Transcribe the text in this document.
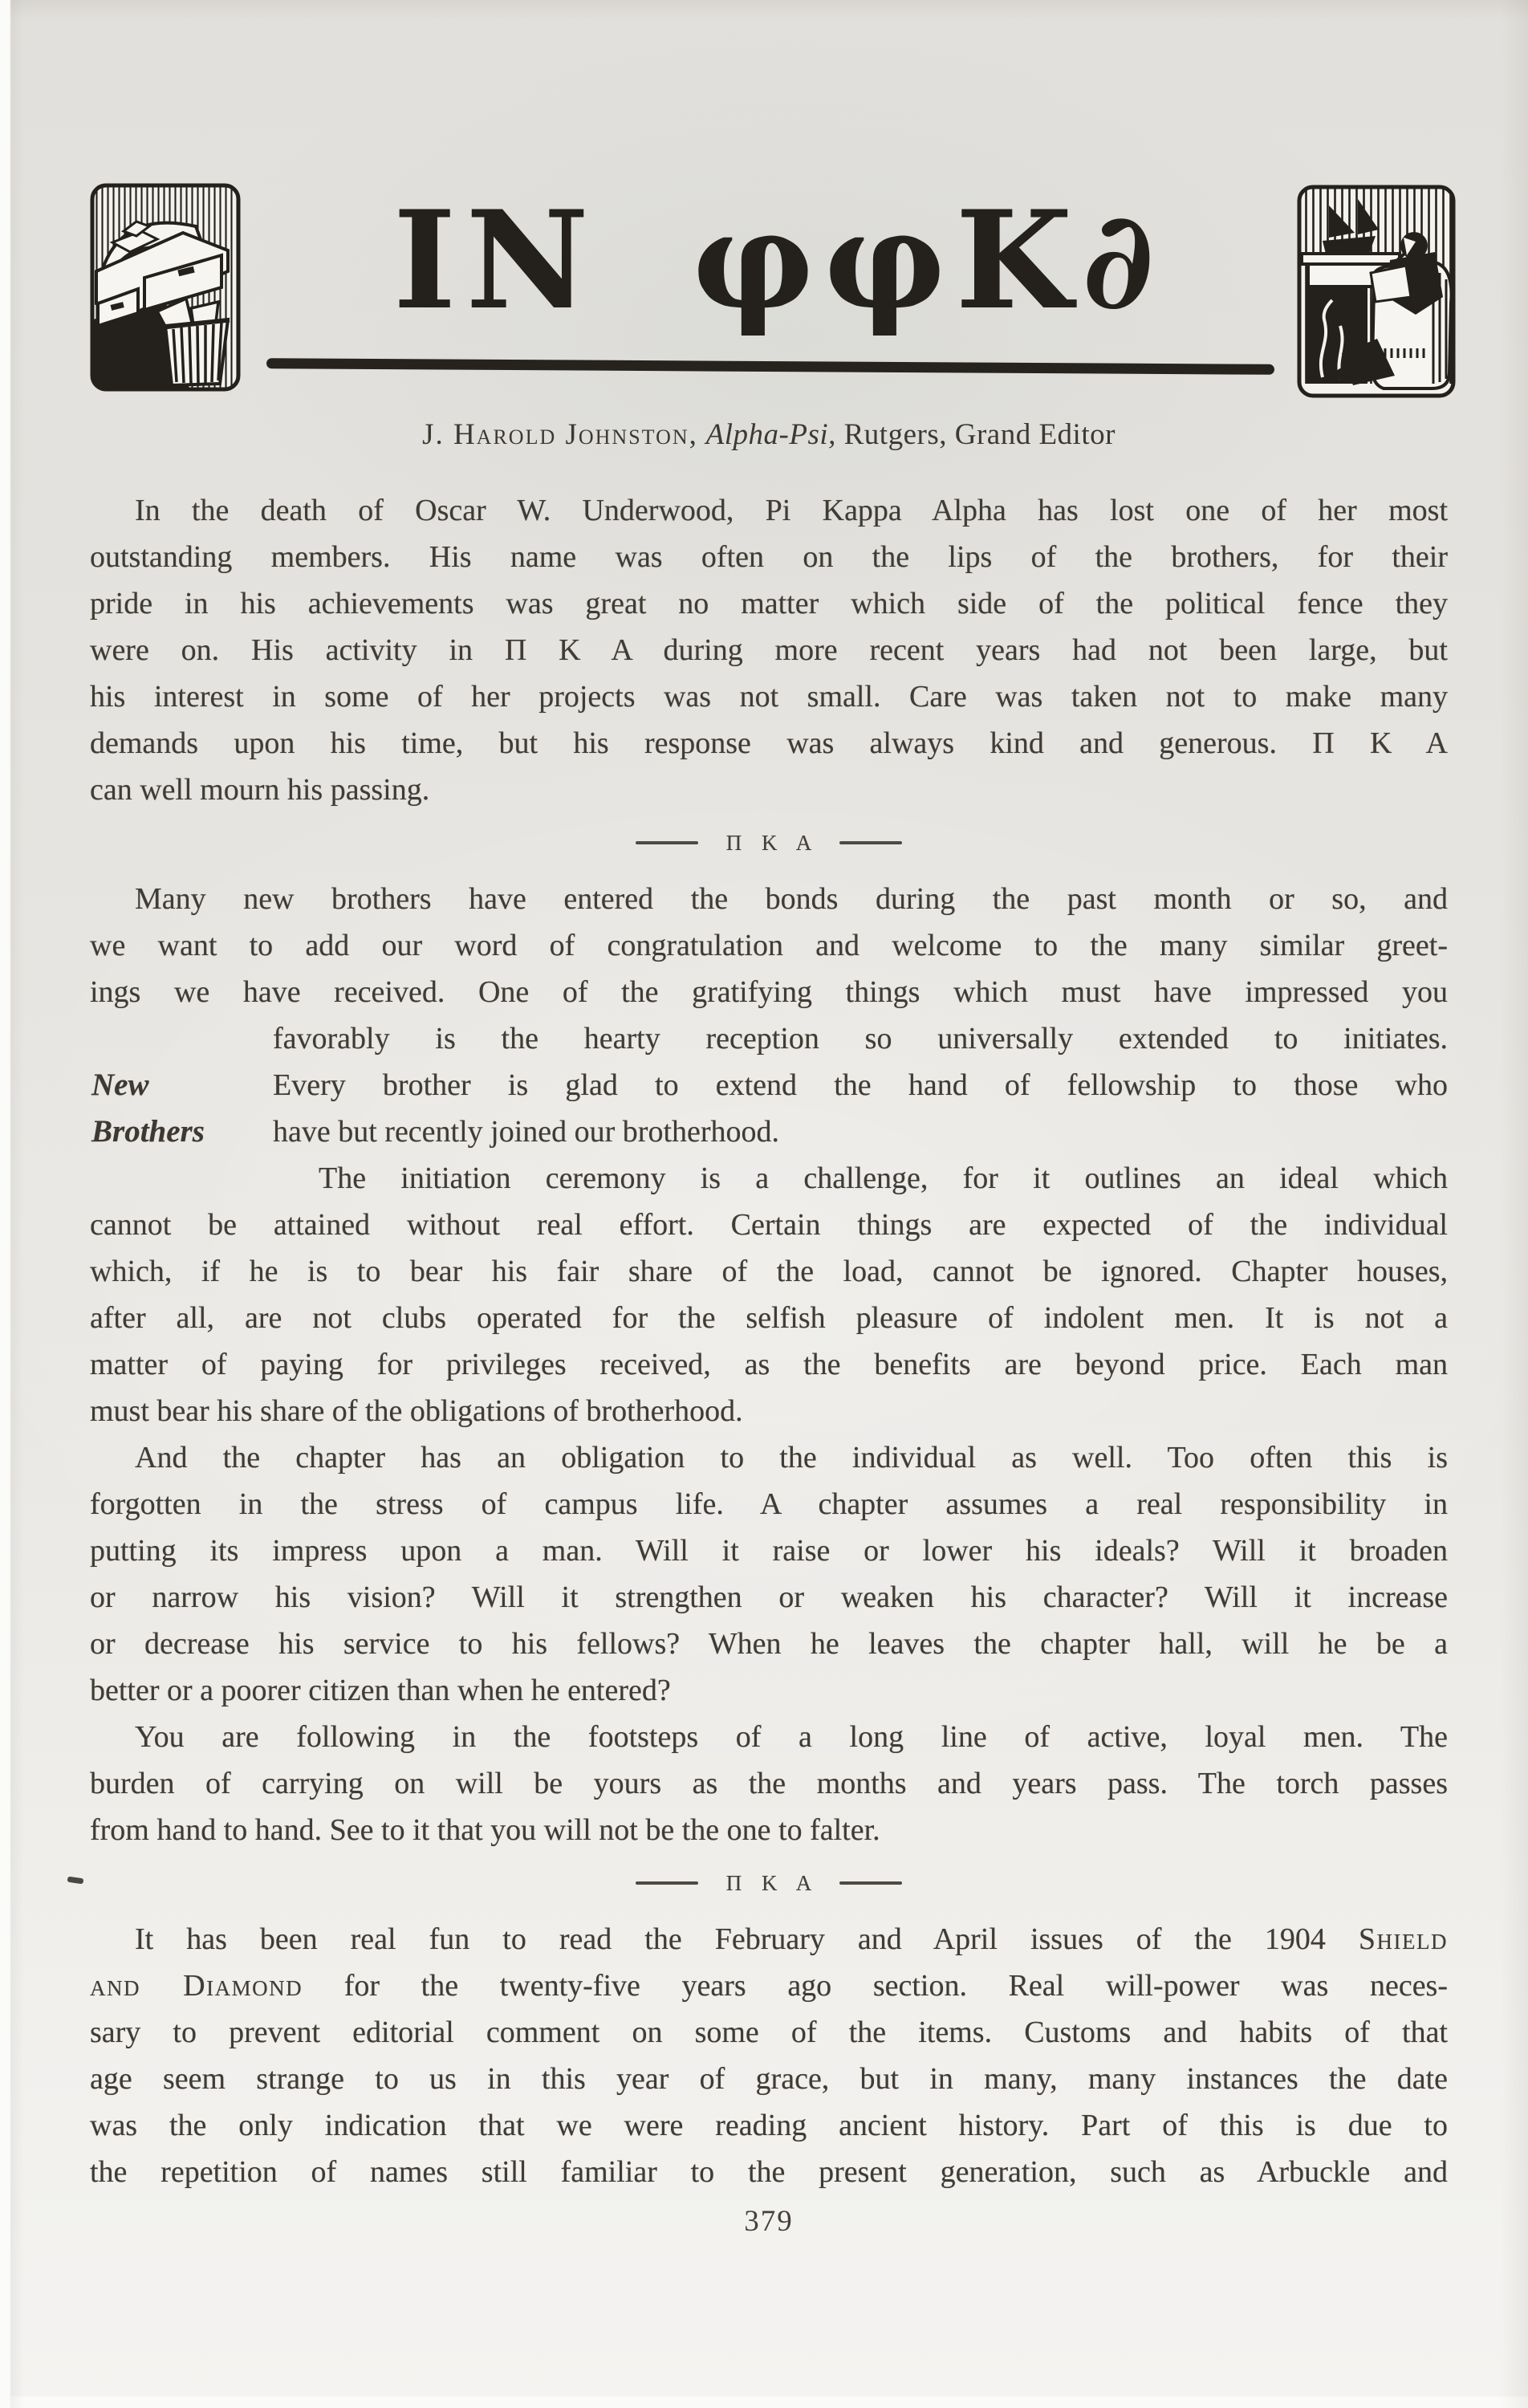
IN φφΚ∂
J. Harold Johnston, Alpha-Psi, Rutgers, Grand Editor
In the death of Oscar W. Underwood, Pi Kappa Alpha has lost one of her most
outstanding members. His name was often on the lips of the brothers, for their
pride in his achievements was great no matter which side of the political fence they
were on. His activity in Π K A during more recent years had not been large, but
his interest in some of her projects was not small. Care was taken not to make many
demands upon his time, but his response was always kind and generous. Π K A
can well mourn his passing.
Π K A
New
Brothers
Many new brothers have entered the bonds during the past month or so, and
we want to add our word of congratulation and welcome to the many similar greet-
ings we have received. One of the gratifying things which must have impressed you
favorably is the hearty reception so universally extended to initiates.
Every brother is glad to extend the hand of fellowship to those who
have but recently joined our brotherhood.
The initiation ceremony is a challenge, for it outlines an ideal which
cannot be attained without real effort. Certain things are expected of the individual
which, if he is to bear his fair share of the load, cannot be ignored. Chapter houses,
after all, are not clubs operated for the selfish pleasure of indolent men. It is not a
matter of paying for privileges received, as the benefits are beyond price. Each man
must bear his share of the obligations of brotherhood.
And the chapter has an obligation to the individual as well. Too often this is
forgotten in the stress of campus life. A chapter assumes a real responsibility in
putting its impress upon a man. Will it raise or lower his ideals? Will it broaden
or narrow his vision? Will it strengthen or weaken his character? Will it increase
or decrease his service to his fellows? When he leaves the chapter hall, will he be a
better or a poorer citizen than when he entered?
You are following in the footsteps of a long line of active, loyal men. The
burden of carrying on will be yours as the months and years pass. The torch passes
from hand to hand. See to it that you will not be the one to falter.
Π K A
It has been real fun to read the February and April issues of the 1904 Shield
and Diamond for the twenty-five years ago section. Real will-power was neces-
sary to prevent editorial comment on some of the items. Customs and habits of that
age seem strange to us in this year of grace, but in many, many instances the date
was the only indication that we were reading ancient history. Part of this is due to
the repetition of names still familiar to the present generation, such as Arbuckle and
379
